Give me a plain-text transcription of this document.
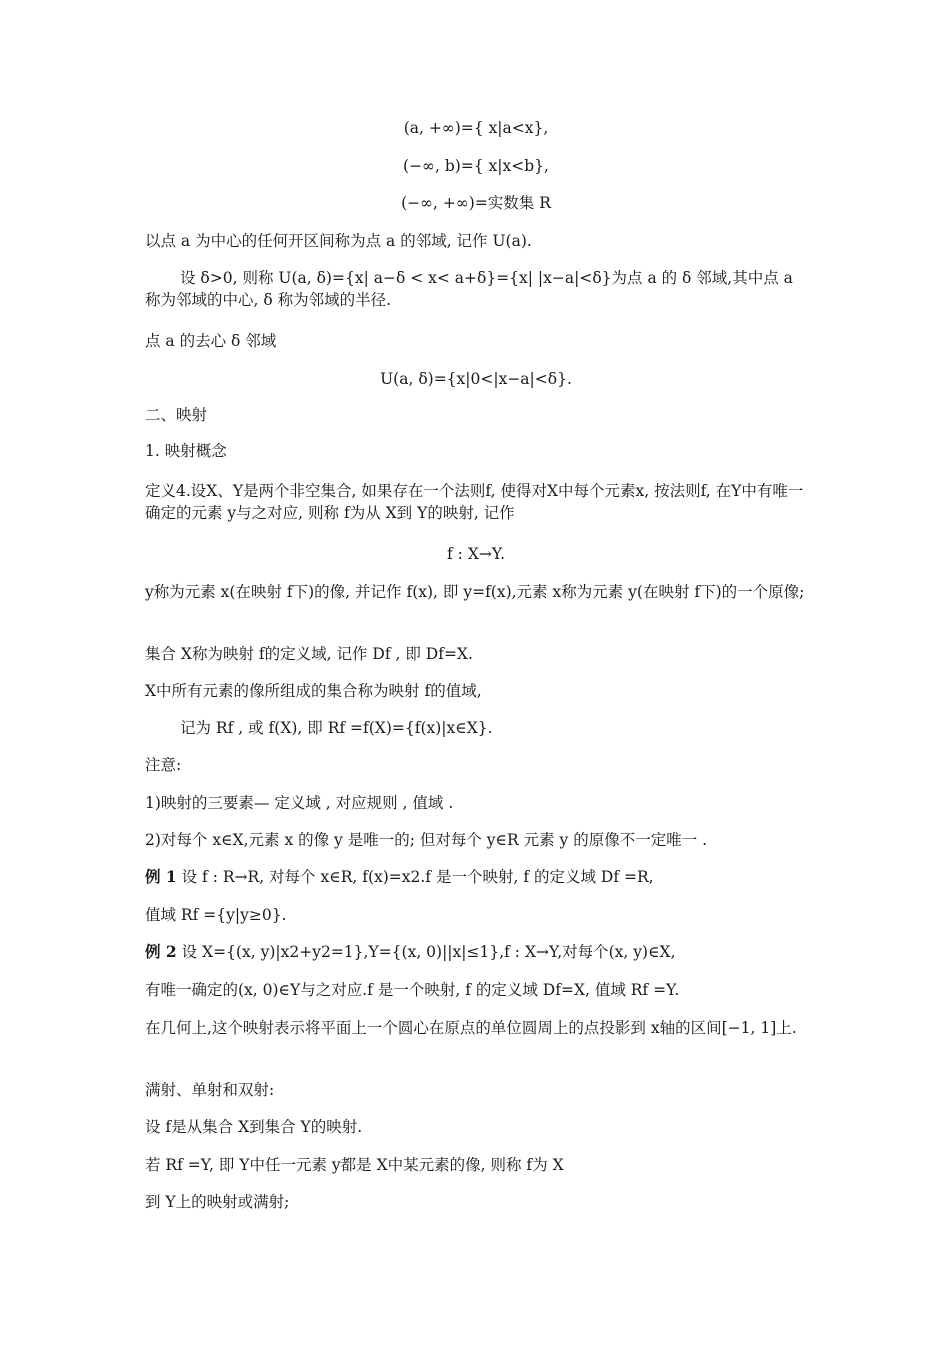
(a, +∞)={ x|a<x},
(−∞, b)={ x|x<b},
(−∞, +∞)=实数集 R
以点 a 为中心的任何开区间称为点 a 的邻域, 记作 U(a).
设 δ>0, 则称 U(a, δ)={x| a−δ < x< a+δ}={x| |x−a|<δ}为点 a 的 δ 邻域,其中点 a 称为邻域的中心, δ 称为邻域的半径.
点 a 的去心 δ 邻域
U(a, δ)={x|0<|x−a|<δ}.
二、映射
1. 映射概念
定义4.设X、Y是两个非空集合, 如果存在一个法则f, 使得对X中每个元素x, 按法则f, 在Y中有唯一确定的元素 y与之对应, 则称 f为从 X到 Y的映射, 记作
f : X→Y.
y称为元素 x(在映射 f下)的像, 并记作 f(x), 即 y=f(x),元素 x称为元素 y(在映射 f下)的一个原像;
集合 X称为映射 f的定义域, 记作 Df , 即 Df=X.
X中所有元素的像所组成的集合称为映射 f的值域,
记为 Rf , 或 f(X), 即 Rf =f(X)={f(x)|x∈X}.
注意:
1)映射的三要素— 定义域 , 对应规则 , 值域 .
2)对每个 x∈X,元素 x 的像 y 是唯一的; 但对每个 y∈R 元素 y 的原像不一定唯一 .
例 1 设 f : R→R, 对每个 x∈R, f(x)=x2.f 是一个映射, f 的定义域 Df =R,
值域 Rf ={y|y≥0}.
例 2 设 X={(x, y)|x2+y2=1},Y={(x, 0)||x|≤1},f : X→Y,对每个(x, y)∈X,
有唯一确定的(x, 0)∈Y与之对应.f 是一个映射, f 的定义域 Df=X, 值域 Rf =Y.
在几何上,这个映射表示将平面上一个圆心在原点的单位圆周上的点投影到 x轴的区间[−1, 1]上.
满射、单射和双射:
设 f是从集合 X到集合 Y的映射.
若 Rf =Y, 即 Y中任一元素 y都是 X中某元素的像, 则称 f为 X
到 Y上的映射或满射;
